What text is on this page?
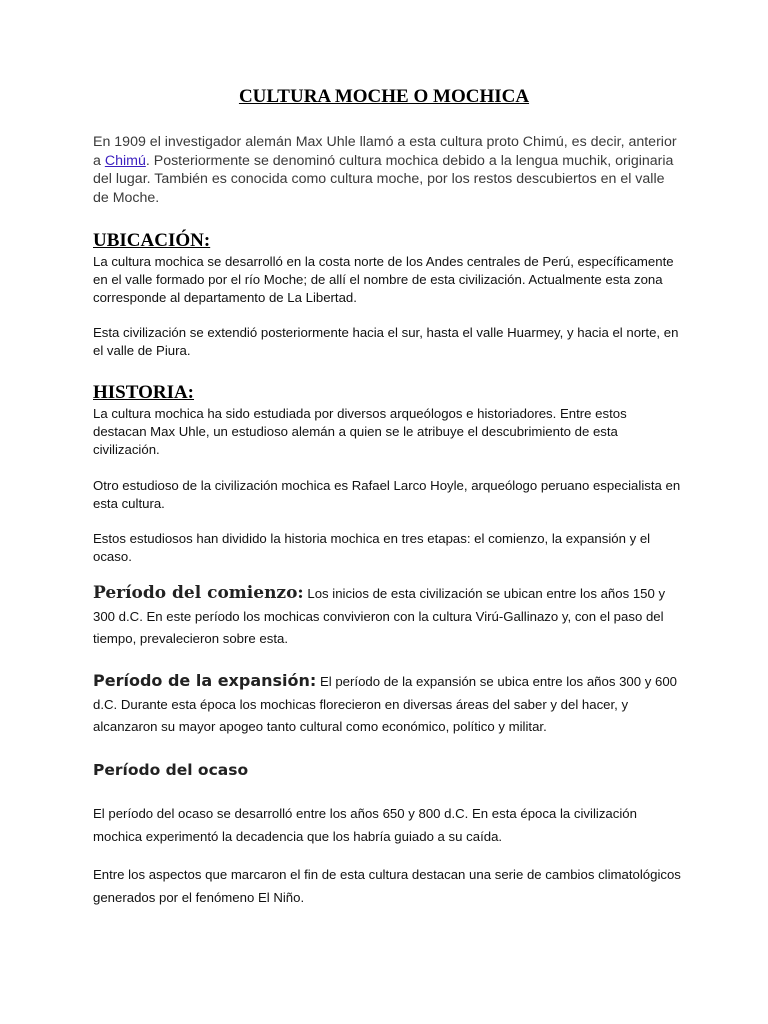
CULTURA MOCHE O MOCHICA

En 1909 el investigador alemán Max Uhle llamó a esta cultura proto Chimú, es decir, anterior a Chimú. Posteriormente se denominó cultura mochica debido a la lengua muchik, originaria del lugar. También es conocida como cultura moche, por los restos descubiertos en el valle de Moche.

UBICACIÓN:

La cultura mochica se desarrolló en la costa norte de los Andes centrales de Perú, específicamente en el valle formado por el río Moche; de allí el nombre de esta civilización. Actualmente esta zona corresponde al departamento de La Libertad.

Esta civilización se extendió posteriormente hacia el sur, hasta el valle Huarmey, y hacia el norte, en el valle de Piura.

HISTORIA:

La cultura mochica ha sido estudiada por diversos arqueólogos e historiadores. Entre estos destacan Max Uhle, un estudioso alemán a quien se le atribuye el descubrimiento de esta civilización.

Otro estudioso de la civilización mochica es Rafael Larco Hoyle, arqueólogo peruano especialista en esta cultura.

Estos estudiosos han dividido la historia mochica en tres etapas: el comienzo, la expansión y el ocaso.

Período del comienzo: Los inicios de esta civilización se ubican entre los años 150 y 300 d.C. En este período los mochicas convivieron con la cultura Virú-Gallinazo y, con el paso del tiempo, prevalecieron sobre esta.

Período de la expansión: El período de la expansión se ubica entre los años 300 y 600 d.C. Durante esta época los mochicas florecieron en diversas áreas del saber y del hacer, y alcanzaron su mayor apogeo tanto cultural como económico, político y militar.

Período del ocaso

El período del ocaso se desarrolló entre los años 650 y 800 d.C. En esta época la civilización mochica experimentó la decadencia que los habría guiado a su caída.

Entre los aspectos que marcaron el fin de esta cultura destacan una serie de cambios climatológicos generados por el fenómeno El Niño.
